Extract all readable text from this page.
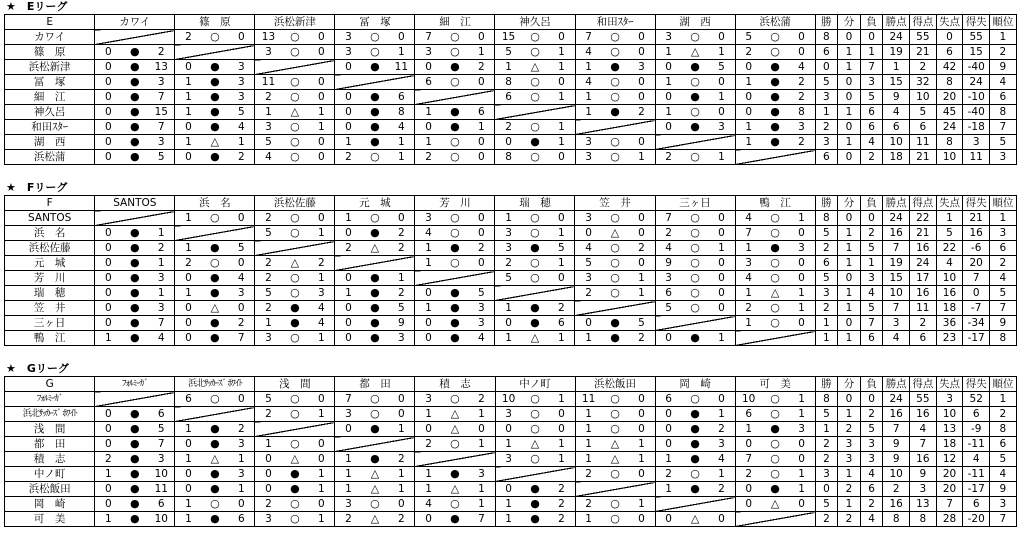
★　Eリーグ
E	カワイ			篠　原			浜松新津			冨　塚			細　江			神久呂			和田ｽﾀｰ			湖　西			浜松蒲			勝	分	負	勝点	得点	失点	得失	順位
カワイ				2	○	0	13	○	0	3	○	0	7	○	0	15	○	0	7	○	0	3	○	0	5	○	0	8	0	0	24	55	0	55	1
篠　原	0	●	2				3	○	0	3	○	1	3	○	1	5	○	1	4	○	0	1	△	1	2	○	0	6	1	1	19	21	6	15	2
浜松新津	0	●	13	0	●	3				0	●	11	0	●	2	1	△	1	1	●	3	0	●	5	0	●	4	0	1	7	1	2	42	-40	9
冨　塚	0	●	3	1	●	3	11	○	0				6	○	0	8	○	0	4	○	0	1	○	0	1	●	2	5	0	3	15	32	8	24	4
細　江	0	●	7	1	●	3	2	○	0	0	●	6				6	○	1	1	○	0	0	●	1	0	●	2	3	0	5	9	10	20	-10	6
神久呂	0	●	15	1	●	5	1	△	1	0	●	8	1	●	6				1	●	2	1	○	0	0	●	8	1	1	6	4	5	45	-40	8
和田ｽﾀｰ	0	●	7	0	●	4	3	○	1	0	●	4	0	●	1	2	○	1				0	●	3	1	●	3	2	0	6	6	6	24	-18	7
湖　西	0	●	3	1	△	1	5	○	0	1	●	1	1	○	0	0	●	1	3	○	0				1	●	2	3	1	4	10	11	8	3	5
浜松蒲	0	●	5	0	●	2	4	○	0	2	○	1	2	○	0	8	○	0	3	○	1	2	○	1				6	0	2	18	21	10	11	3
★　Fリーグ
F	SANTOS			浜　名			浜松佐藤			元　城			芳　川			瑞　穂			笠　井			三ヶ日			鴨　江			勝	分	負	勝点	得点	失点	得失	順位
SANTOS				1	○	0	2	○	0	1	○	0	3	○	0	1	○	0	3	○	0	7	○	0	4	○	1	8	0	0	24	22	1	21	1
浜　名	0	●	1				5	○	1	0	●	2	4	○	0	3	○	1	0	△	0	2	○	0	7	○	0	5	1	2	16	21	5	16	3
浜松佐藤	0	●	2	1	●	5				2	△	2	1	●	2	3	●	5	4	○	2	4	○	1	1	●	3	2	1	5	7	16	22	-6	6
元　城	0	●	1	2	○	0	2	△	2				1	○	0	2	○	1	5	○	0	9	○	0	3	○	0	6	1	1	19	24	4	20	2
芳　川	0	●	3	0	●	4	2	○	1	0	●	1				5	○	0	3	○	1	3	○	0	4	○	0	5	0	3	15	17	10	7	4
瑞　穂	0	●	1	1	●	3	5	○	3	1	●	2	0	●	5				2	○	1	6	○	0	1	△	1	3	1	4	10	16	16	0	5
笠　井	0	●	3	0	△	0	2	●	4	0	●	5	1	●	3	1	●	2				5	○	0	2	○	1	2	1	5	7	11	18	-7	7
三ヶ日	0	●	7	0	●	2	1	●	4	0	●	9	0	●	3	0	●	6	0	●	5				1	○	0	1	0	7	3	2	36	-34	9
鴨　江	1	●	4	0	●	7	3	○	1	0	●	3	0	●	4	1	△	1	1	●	2	0	●	1				1	1	6	4	6	23	-17	8
★　Gリーグ
G	ﾌｫﾙﾐｰｶﾞ			浜北ｻｯｶｰｽﾞ ﾎﾜｲﾄ			浅　間			都　田			積　志			中ノ町			浜松飯田			岡　崎			可　美			勝	分	負	勝点	得点	失点	得失	順位
ﾌｫﾙﾐｰｶﾞ				6	○	0	5	○	0	7	○	0	3	○	2	10	○	1	11	○	0	6	○	0	10	○	1	8	0	0	24	55	3	52	1
浜北ｻｯｶｰｽﾞ ﾎﾜｲﾄ	0	●	6				2	○	1	3	○	0	1	△	1	3	○	0	1	○	0	0	●	1	6	○	1	5	1	2	16	16	10	6	2
浅　間	0	●	5	1	●	2				0	●	1	0	△	0	0	○	0	1	○	0	0	●	2	1	●	3	1	2	5	7	4	13	-9	8
都　田	0	●	7	0	●	3	1	○	0				2	○	1	1	△	1	1	△	1	0	●	3	0	○	0	2	3	3	9	7	18	-11	6
積　志	2	●	3	1	△	1	0	△	0	1	●	2				3	○	1	1	△	1	1	●	4	7	○	0	2	3	3	9	16	12	4	5
中ノ町	1	●	10	0	●	3	0	●	1	1	△	1	1	●	3				2	○	0	2	○	1	2	○	1	3	1	4	10	9	20	-11	4
浜松飯田	0	●	11	0	●	1	0	●	1	1	△	1	1	△	1	0	●	2				1	●	2	0	●	1	0	2	6	2	3	20	-17	9
岡　崎	0	●	6	1	○	0	2	○	0	3	○	0	4	○	1	1	●	2	2	○	1				0	△	0	5	1	2	16	13	7	6	3
可　美	1	●	10	1	●	6	3	○	1	2	△	2	0	●	7	1	●	2	1	○	0	0	△	0				2	2	4	8	8	28	-20	7
